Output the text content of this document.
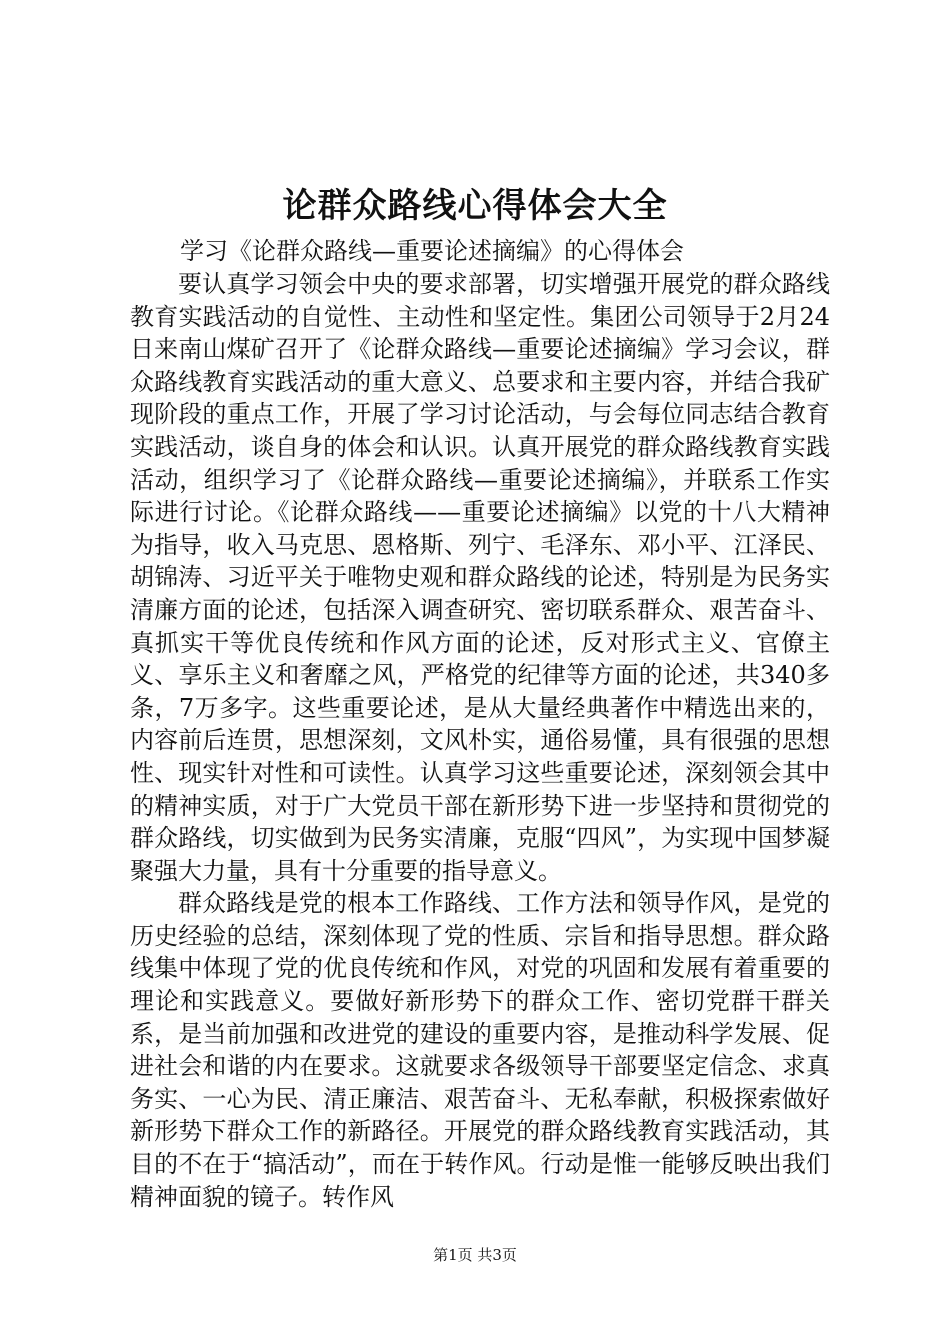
论群众路线心得体会大全
学习《论群众路线—重要论述摘编》的心得体会

要认真学习领会中央的要求部署，切实增强开展党的群众路线教育实践活动的自觉性、主动性和坚定性。集团公司领导于2月24日来南山煤矿召开了《论群众路线—重要论述摘编》学习会议，群众路线教育实践活动的重大意义、总要求和主要内容，并结合我矿现阶段的重点工作，开展了学习讨论活动，与会每位同志结合教育实践活动，谈自身的体会和认识。认真开展党的群众路线教育实践活动，组织学习了《论群众路线—重要论述摘编》，并联系工作实际进行讨论。《论群众路线——重要论述摘编》以党的十八大精神为指导，收入马克思、恩格斯、列宁、毛泽东、邓小平、江泽民、胡锦涛、习近平关于唯物史观和群众路线的论述，特别是为民务实清廉方面的论述，包括深入调查研究、密切联系群众、艰苦奋斗、真抓实干等优良传统和作风方面的论述，反对形式主义、官僚主义、享乐主义和奢靡之风，严格党的纪律等方面的论述，共340多条，7万多字。这些重要论述，是从大量经典著作中精选出来的，内容前后连贯，思想深刻，文风朴实，通俗易懂，具有很强的思想性、现实针对性和可读性。认真学习这些重要论述，深刻领会其中的精神实质，对于广大党员干部在新形势下进一步坚持和贯彻党的群众路线，切实做到为民务实清廉，克服“四风”，为实现中国梦凝聚强大力量，具有十分重要的指导意义。

群众路线是党的根本工作路线、工作方法和领导作风，是党的历史经验的总结，深刻体现了党的性质、宗旨和指导思想。群众路线集中体现了党的优良传统和作风，对党的巩固和发展有着重要的理论和实践意义。要做好新形势下的群众工作、密切党群干群关系，是当前加强和改进党的建设的重要内容，是推动科学发展、促进社会和谐的内在要求。这就要求各级领导干部要坚定信念、求真务实、一心为民、清正廉洁、艰苦奋斗、无私奉献，积极探索做好新形势下群众工作的新路径。开展党的群众路线教育实践活动，其目的不在于“搞活动”，而在于转作风。行动是惟一能够反映出我们精神面貌的镜子。转作风

第1页 共3页
